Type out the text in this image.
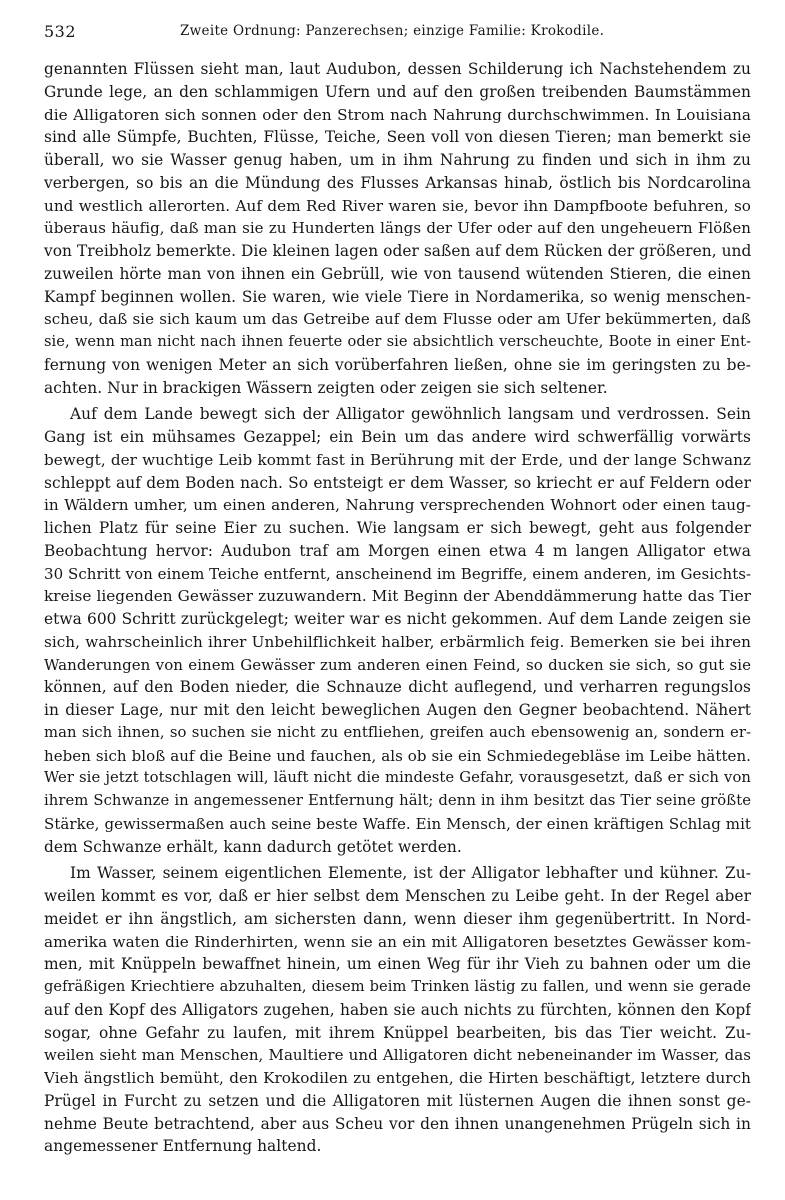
532	Zweite Ordnung: Panzerechsen; einzige Familie: Krokodile.
genannten Flüssen sieht man, laut Audubon, dessen Schilderung ich Nachstehendem zu
Grunde lege, an den schlammigen Ufern und auf den großen treibenden Baumstämmen
die Alligatoren sich sonnen oder den Strom nach Nahrung durchschwimmen. In Louisiana
sind alle Sümpfe, Buchten, Flüsse, Teiche, Seen voll von diesen Tieren; man bemerkt sie
überall, wo sie Wasser genug haben, um in ihm Nahrung zu finden und sich in ihm zu
verbergen, so bis an die Mündung des Flusses Arkansas hinab, östlich bis Nordcarolina
und westlich allerorten. Auf dem Red River waren sie, bevor ihn Dampfboote befuhren, so
überaus häufig, daß man sie zu Hunderten längs der Ufer oder auf den ungeheuern Flößen
von Treibholz bemerkte. Die kleinen lagen oder saßen auf dem Rücken der größeren, und
zuweilen hörte man von ihnen ein Gebrüll, wie von tausend wütenden Stieren, die einen
Kampf beginnen wollen. Sie waren, wie viele Tiere in Nordamerika, so wenig menschen-
scheu, daß sie sich kaum um das Getreibe auf dem Flusse oder am Ufer bekümmerten, daß
sie, wenn man nicht nach ihnen feuerte oder sie absichtlich verscheuchte, Boote in einer Ent-
fernung von wenigen Meter an sich vorüberfahren ließen, ohne sie im geringsten zu be-
achten. Nur in brackigen Wässern zeigten oder zeigen sie sich seltener.
Auf dem Lande bewegt sich der Alligator gewöhnlich langsam und verdrossen. Sein
Gang ist ein mühsames Gezappel; ein Bein um das andere wird schwerfällig vorwärts
bewegt, der wuchtige Leib kommt fast in Berührung mit der Erde, und der lange Schwanz
schleppt auf dem Boden nach. So entsteigt er dem Wasser, so kriecht er auf Feldern oder
in Wäldern umher, um einen anderen, Nahrung versprechenden Wohnort oder einen taug-
lichen Platz für seine Eier zu suchen. Wie langsam er sich bewegt, geht aus folgender
Beobachtung hervor: Audubon traf am Morgen einen etwa 4 m langen Alligator etwa
30 Schritt von einem Teiche entfernt, anscheinend im Begriffe, einem anderen, im Gesichts-
kreise liegenden Gewässer zuzuwandern. Mit Beginn der Abenddämmerung hatte das Tier
etwa 600 Schritt zurückgelegt; weiter war es nicht gekommen. Auf dem Lande zeigen sie
sich, wahrscheinlich ihrer Unbehilflichkeit halber, erbärmlich feig. Bemerken sie bei ihren
Wanderungen von einem Gewässer zum anderen einen Feind, so ducken sie sich, so gut sie
können, auf den Boden nieder, die Schnauze dicht auflegend, und verharren regungslos
in dieser Lage, nur mit den leicht beweglichen Augen den Gegner beobachtend. Nähert
man sich ihnen, so suchen sie nicht zu entfliehen, greifen auch ebensowenig an, sondern er-
heben sich bloß auf die Beine und fauchen, als ob sie ein Schmiedegebläse im Leibe hätten.
Wer sie jetzt totschlagen will, läuft nicht die mindeste Gefahr, vorausgesetzt, daß er sich von
ihrem Schwanze in angemessener Entfernung hält; denn in ihm besitzt das Tier seine größte
Stärke, gewissermaßen auch seine beste Waffe. Ein Mensch, der einen kräftigen Schlag mit
dem Schwanze erhält, kann dadurch getötet werden.
Im Wasser, seinem eigentlichen Elemente, ist der Alligator lebhafter und kühner. Zu-
weilen kommt es vor, daß er hier selbst dem Menschen zu Leibe geht. In der Regel aber
meidet er ihn ängstlich, am sichersten dann, wenn dieser ihm gegenübertritt. In Nord-
amerika waten die Rinderhirten, wenn sie an ein mit Alligatoren besetztes Gewässer kom-
men, mit Knüppeln bewaffnet hinein, um einen Weg für ihr Vieh zu bahnen oder um die
gefräßigen Kriechtiere abzuhalten, diesem beim Trinken lästig zu fallen, und wenn sie gerade
auf den Kopf des Alligators zugehen, haben sie auch nichts zu fürchten, können den Kopf
sogar, ohne Gefahr zu laufen, mit ihrem Knüppel bearbeiten, bis das Tier weicht. Zu-
weilen sieht man Menschen, Maultiere und Alligatoren dicht nebeneinander im Wasser, das
Vieh ängstlich bemüht, den Krokodilen zu entgehen, die Hirten beschäftigt, letztere durch
Prügel in Furcht zu setzen und die Alligatoren mit lüsternen Augen die ihnen sonst ge-
nehme Beute betrachtend, aber aus Scheu vor den ihnen unangenehmen Prügeln sich in
angemessener Entfernung haltend.
